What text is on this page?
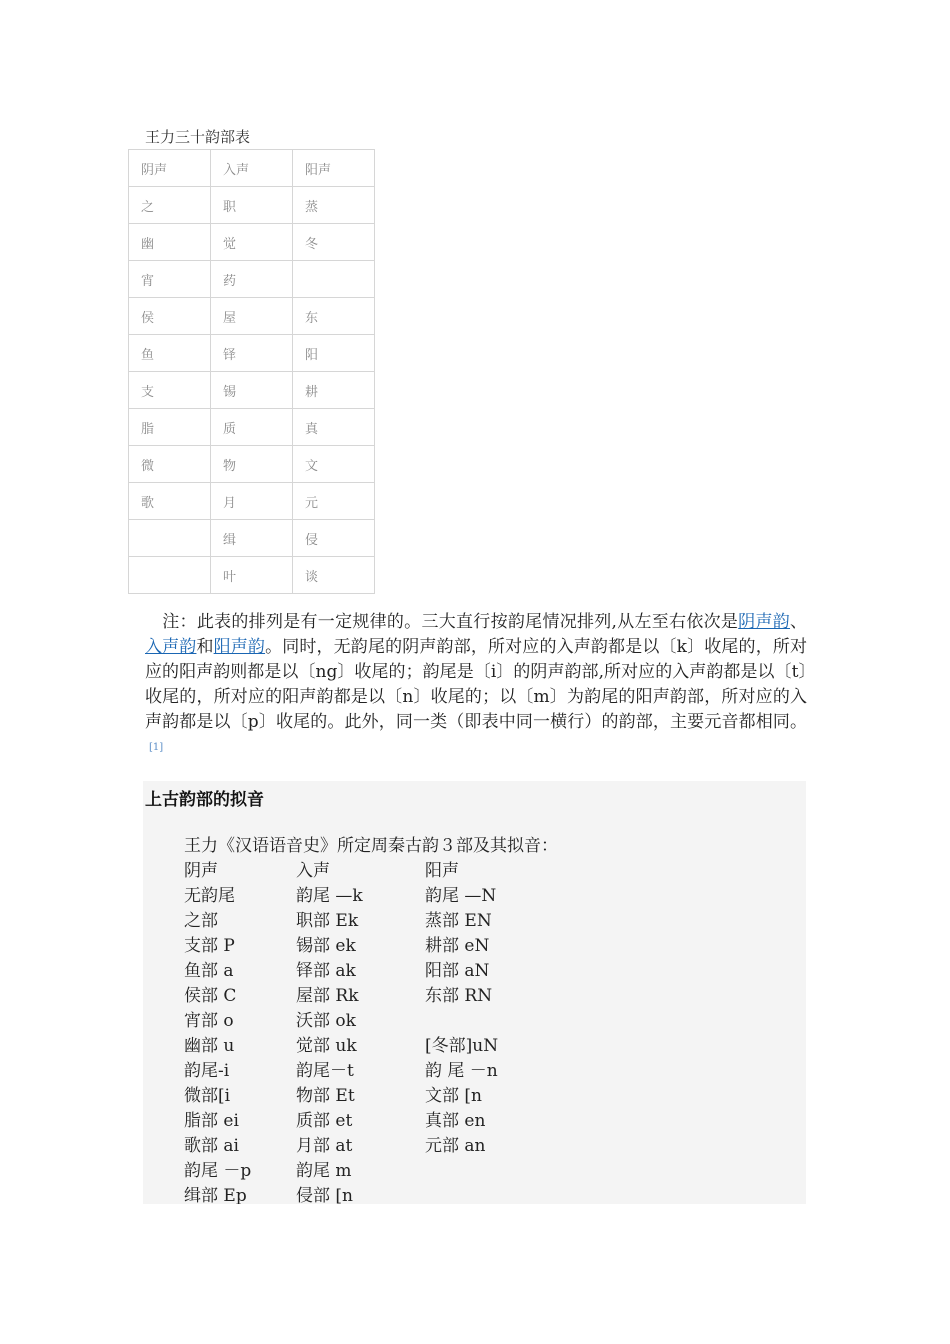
王力三十韵部表
阴声	入声	阳声
之	职	蒸
幽	觉	冬
宵	药	
侯	屋	东
鱼	铎	阳
支	锡	耕
脂	质	真
微	物	文
歌	月	元
	缉	侵
	叶	谈

注：此表的排列是有一定规律的。三大直行按韵尾情况排列,从左至右依次是阴声韵、入声韵和阳声韵。同时，无韵尾的阴声韵部，所对应的入声韵都是以〔k〕收尾的，所对应的阳声韵则都是以〔ng〕收尾的；韵尾是〔i〕的阴声韵部,所对应的入声韵都是以〔t〕收尾的，所对应的阳声韵都是以〔n〕收尾的；以〔m〕为韵尾的阳声韵部，所对应的入声韵都是以〔p〕收尾的。此外，同一类（即表中同一横行）的韵部，主要元音都相同。[1]

上古韵部的拟音
王力《汉语语音史》所定周秦古韵３部及其拟音：
阴声	入声	阳声
无韵尾	韵尾 —k	韵尾 —N
之部	职部 Ek	蒸部 EN
支部 P	锡部 ek	耕部 eN
鱼部 a	铎部 ak	阳部 aN
侯部 C	屋部 Rk	东部 RN
宵部 o	沃部 ok
幽部 u	觉部 uk	[冬部]uN
韵尾-i	韵尾－t	韵 尾 －n
微部[i	物部 Et	文部 [n
脂部 ei	质部 et	真部 en
歌部 ai	月部 at	元部 an
韵尾 －p	韵尾 m
缉部 Ep	侵部 [n
